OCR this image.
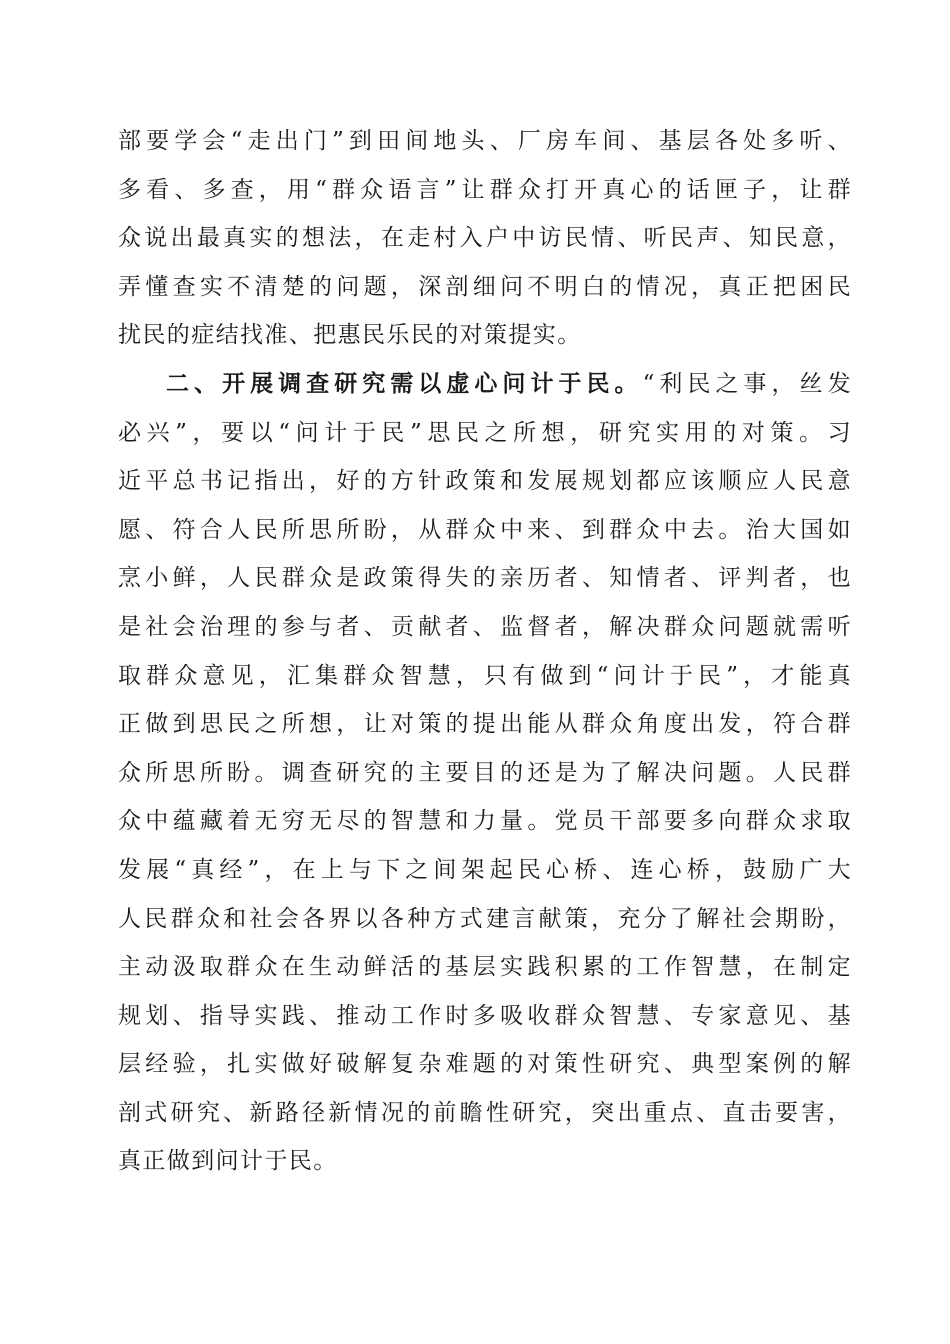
部要学会“走出门”到田间地头、厂房车间、基层各处多听、
多看、多查，用“群众语言”让群众打开真心的话匣子，让群
众说出最真实的想法，在走村入户中访民情、听民声、知民意，
弄懂查实不清楚的问题，深剖细问不明白的情况，真正把困民
扰民的症结找准、把惠民乐民的对策提实。
二、开展调查研究需以虚心问计于民。“利民之事，丝发
必兴”，要以“问计于民”思民之所想，研究实用的对策。习
近平总书记指出，好的方针政策和发展规划都应该顺应人民意
愿、符合人民所思所盼，从群众中来、到群众中去。治大国如
烹小鲜，人民群众是政策得失的亲历者、知情者、评判者，也
是社会治理的参与者、贡献者、监督者，解决群众问题就需听
取群众意见，汇集群众智慧，只有做到“问计于民”，才能真
正做到思民之所想，让对策的提出能从群众角度出发，符合群
众所思所盼。调查研究的主要目的还是为了解决问题。人民群
众中蕴藏着无穷无尽的智慧和力量。党员干部要多向群众求取
发展“真经”，在上与下之间架起民心桥、连心桥，鼓励广大
人民群众和社会各界以各种方式建言献策，充分了解社会期盼，
主动汲取群众在生动鲜活的基层实践积累的工作智慧，在制定
规划、指导实践、推动工作时多吸收群众智慧、专家意见、基
层经验，扎实做好破解复杂难题的对策性研究、典型案例的解
剖式研究、新路径新情况的前瞻性研究，突出重点、直击要害，
真正做到问计于民。
